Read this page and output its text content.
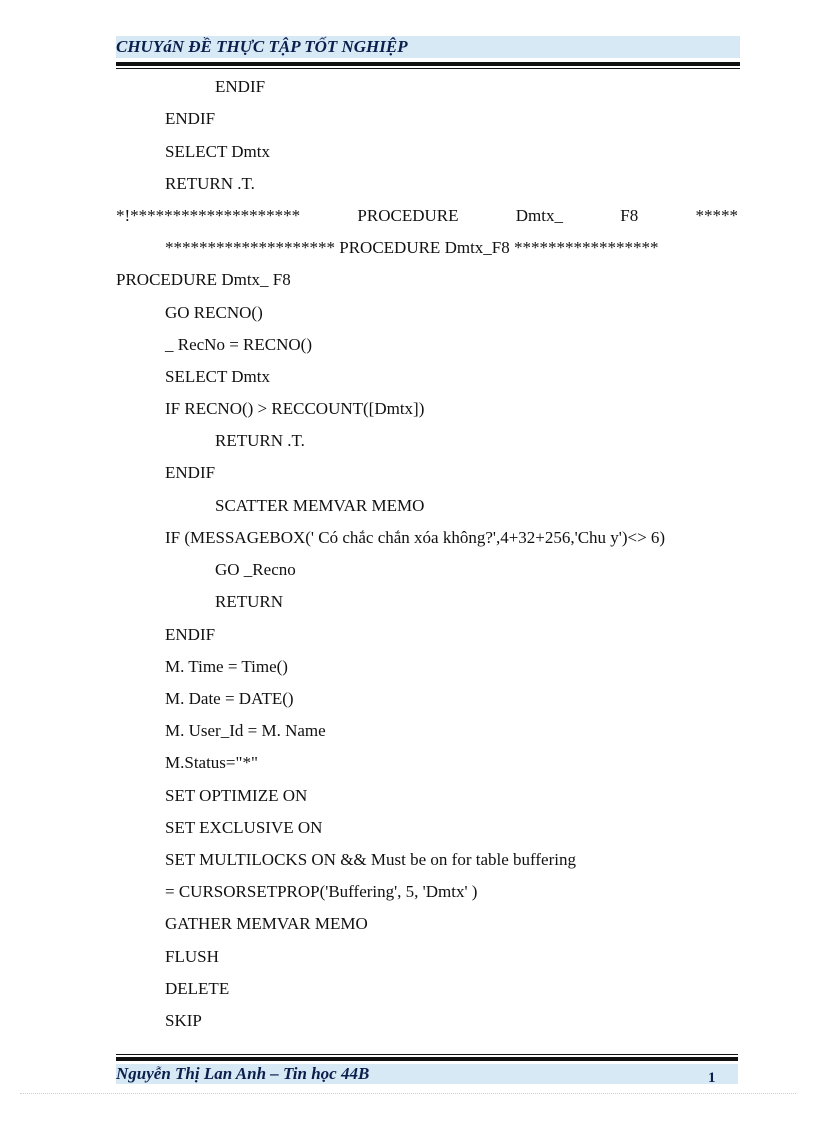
CHUYáN ĐỀ THỰC TẬP TỐT NGHIỆP
ENDIF
ENDIF
SELECT Dmtx
RETURN .T.
*!********************	PROCEDURE	Dmtx_	F8	*****
******************** PROCEDURE Dmtx_F8 *****************
PROCEDURE Dmtx_ F8
GO RECNO()
_ RecNo = RECNO()
SELECT Dmtx
IF RECNO() > RECCOUNT([Dmtx])
RETURN .T.
ENDIF
SCATTER MEMVAR MEMO
IF (MESSAGEBOX(' Có chắc chắn xóa không?',4+32+256,'Chu y')<> 6)
GO _Recno
RETURN
ENDIF
M. Time = Time()
M. Date = DATE()
M. User_Id = M. Name
M.Status="*"
SET OPTIMIZE ON
SET EXCLUSIVE ON
SET MULTILOCKS ON && Must be on for table buffering
= CURSORSETPROP('Buffering', 5, 'Dmtx' )
GATHER MEMVAR MEMO
FLUSH
DELETE
SKIP
Nguyễn Thị Lan Anh – Tin học 44B	1
